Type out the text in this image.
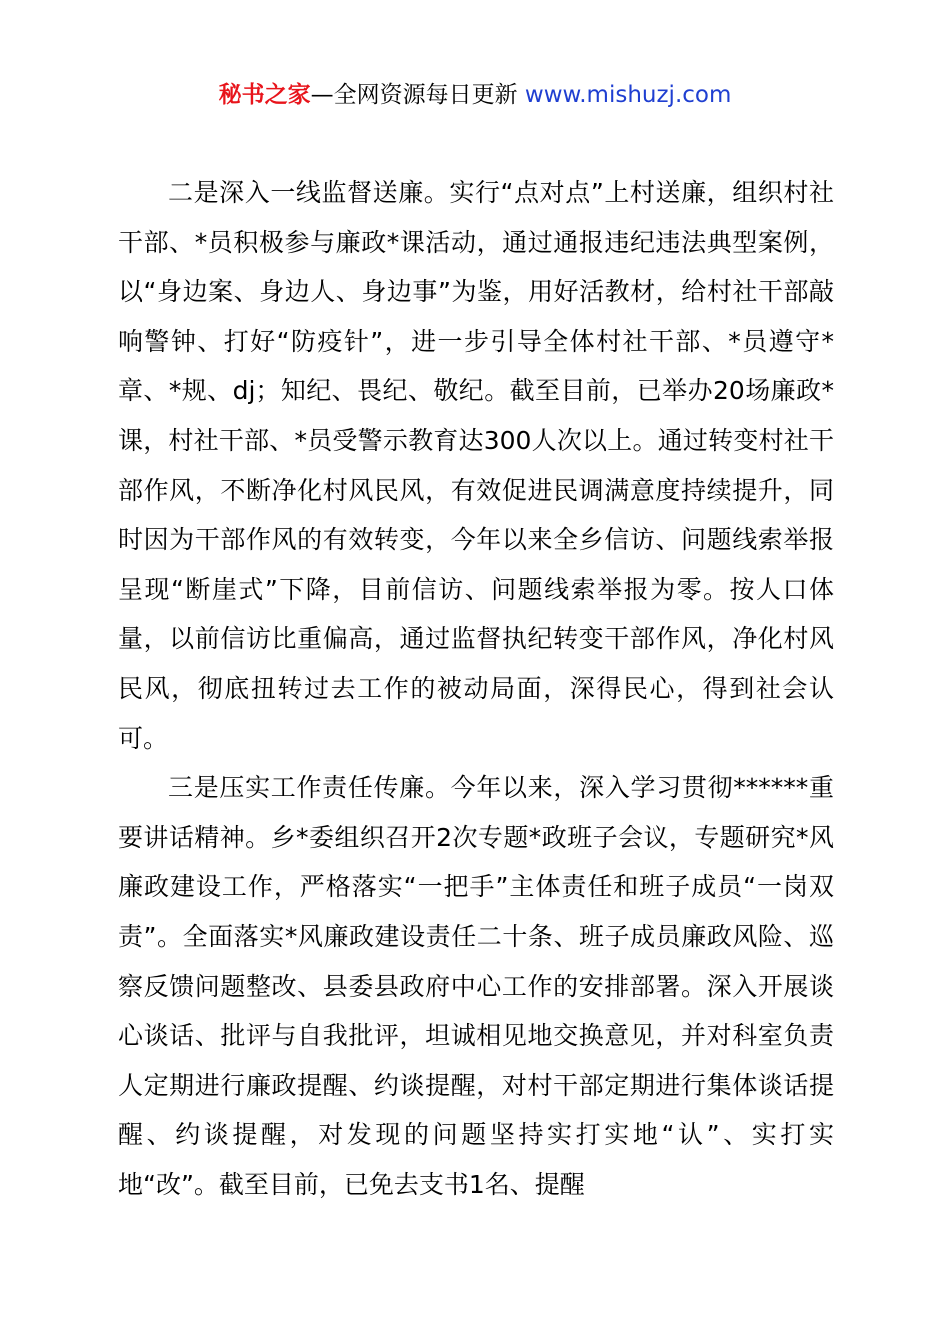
秘书之家—全网资源每日更新 www.mishuzj.com

二是深入一线监督送廉。实行“点对点”上村送廉，组织村社干部、*员积极参与廉政*课活动，通过通报违纪违法典型案例，以“身边案、身边人、身边事”为鉴，用好活教材，给村社干部敲响警钟、打好“防疫针”，进一步引导全体村社干部、*员遵守*章、*规、dj；知纪、畏纪、敬纪。截至目前，已举办20场廉政*课，村社干部、*员受警示教育达300人次以上。通过转变村社干部作风，不断净化村风民风，有效促进民调满意度持续提升，同时因为干部作风的有效转变，今年以来全乡信访、问题线索举报呈现“断崖式”下降，目前信访、问题线索举报为零。按人口体量，以前信访比重偏高，通过监督执纪转变干部作风，净化村风民风，彻底扭转过去工作的被动局面，深得民心，得到社会认可。

三是压实工作责任传廉。今年以来，深入学习贯彻******重要讲话精神。乡*委组织召开2次专题*政班子会议，专题研究*风廉政建设工作，严格落实“一把手”主体责任和班子成员“一岗双责”。全面落实*风廉政建设责任二十条、班子成员廉政风险、巡察反馈问题整改、县委县政府中心工作的安排部署。深入开展谈心谈话、批评与自我批评，坦诚相见地交换意见，并对科室负责人定期进行廉政提醒、约谈提醒，对村干部定期进行集体谈话提醒、约谈提醒，对发现的问题坚持实打实地“认”、实打实地“改”。截至目前，已免去支书1名、提醒
